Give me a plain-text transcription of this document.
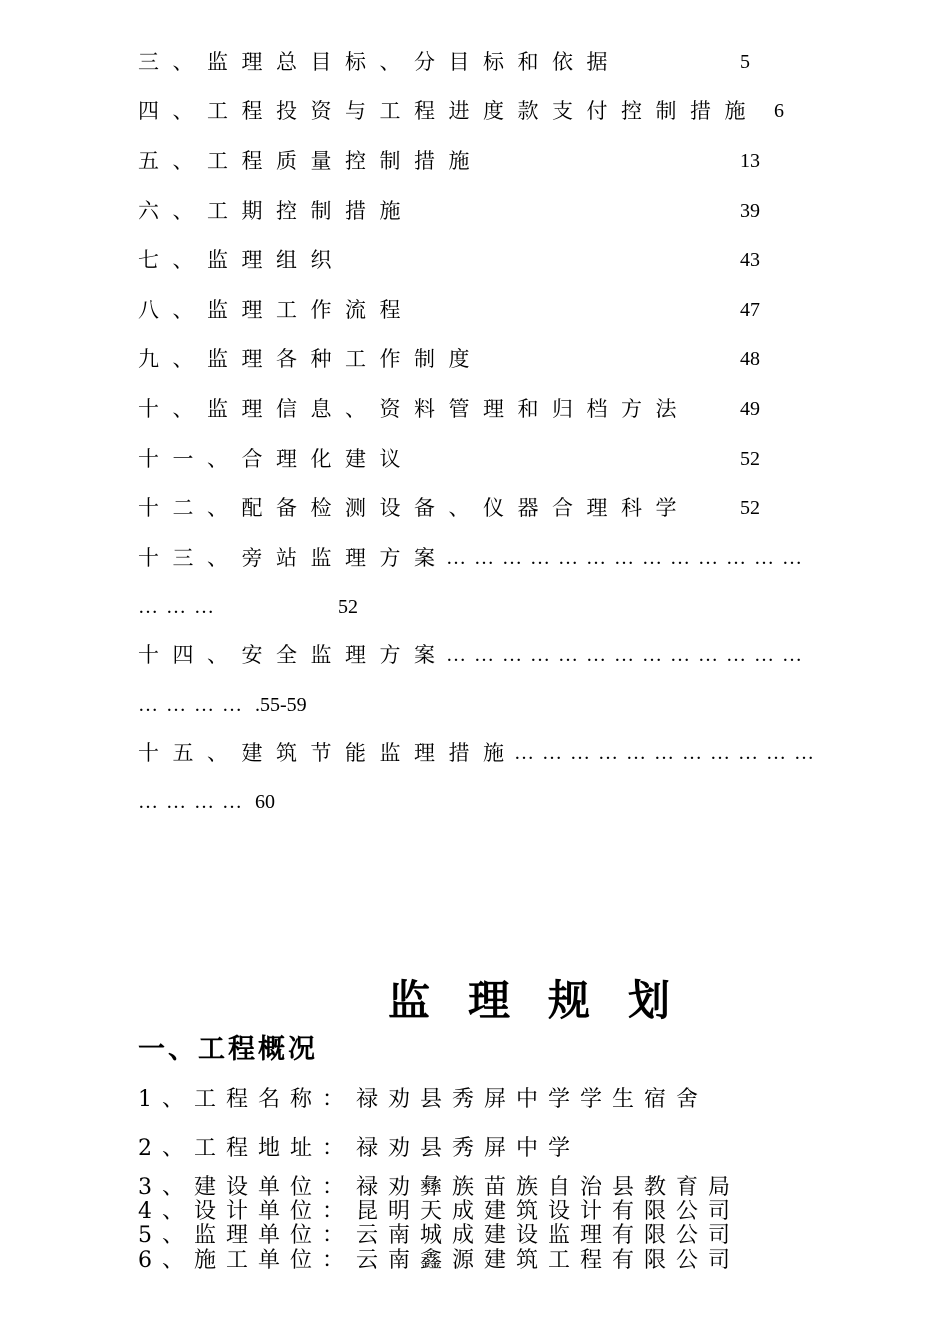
三、监理总目标、分目标和依据	5
四、工程投资与工程进度款支付控制措施 6
五、工程质量控制措施	13
六、工期控制措施	39
七、监理组织	43
八、监理工作流程	47
九、监理各种工作制度	48
十、监理信息、资料管理和归档方法	49
十一、合理化建议	52
十二、配备检测设备、仪器合理科学	52
十三、旁站监理方案
…………………………………
………	52
十四、安全监理方案
…………………………………
………… .55-59
十五、建筑节能监理措施
……………………………
………… 60
监理规划
一、工程概况
1、工程名称：禄劝县秀屏中学学生宿舍
2、工程地址：禄劝县秀屏中学
3、建设单位：禄劝彝族苗族自治县教育局
4、设计单位：昆明天成建筑设计有限公司
5、监理单位：云南城成建设监理有限公司
6、施工单位：云南鑫源建筑工程有限公司
